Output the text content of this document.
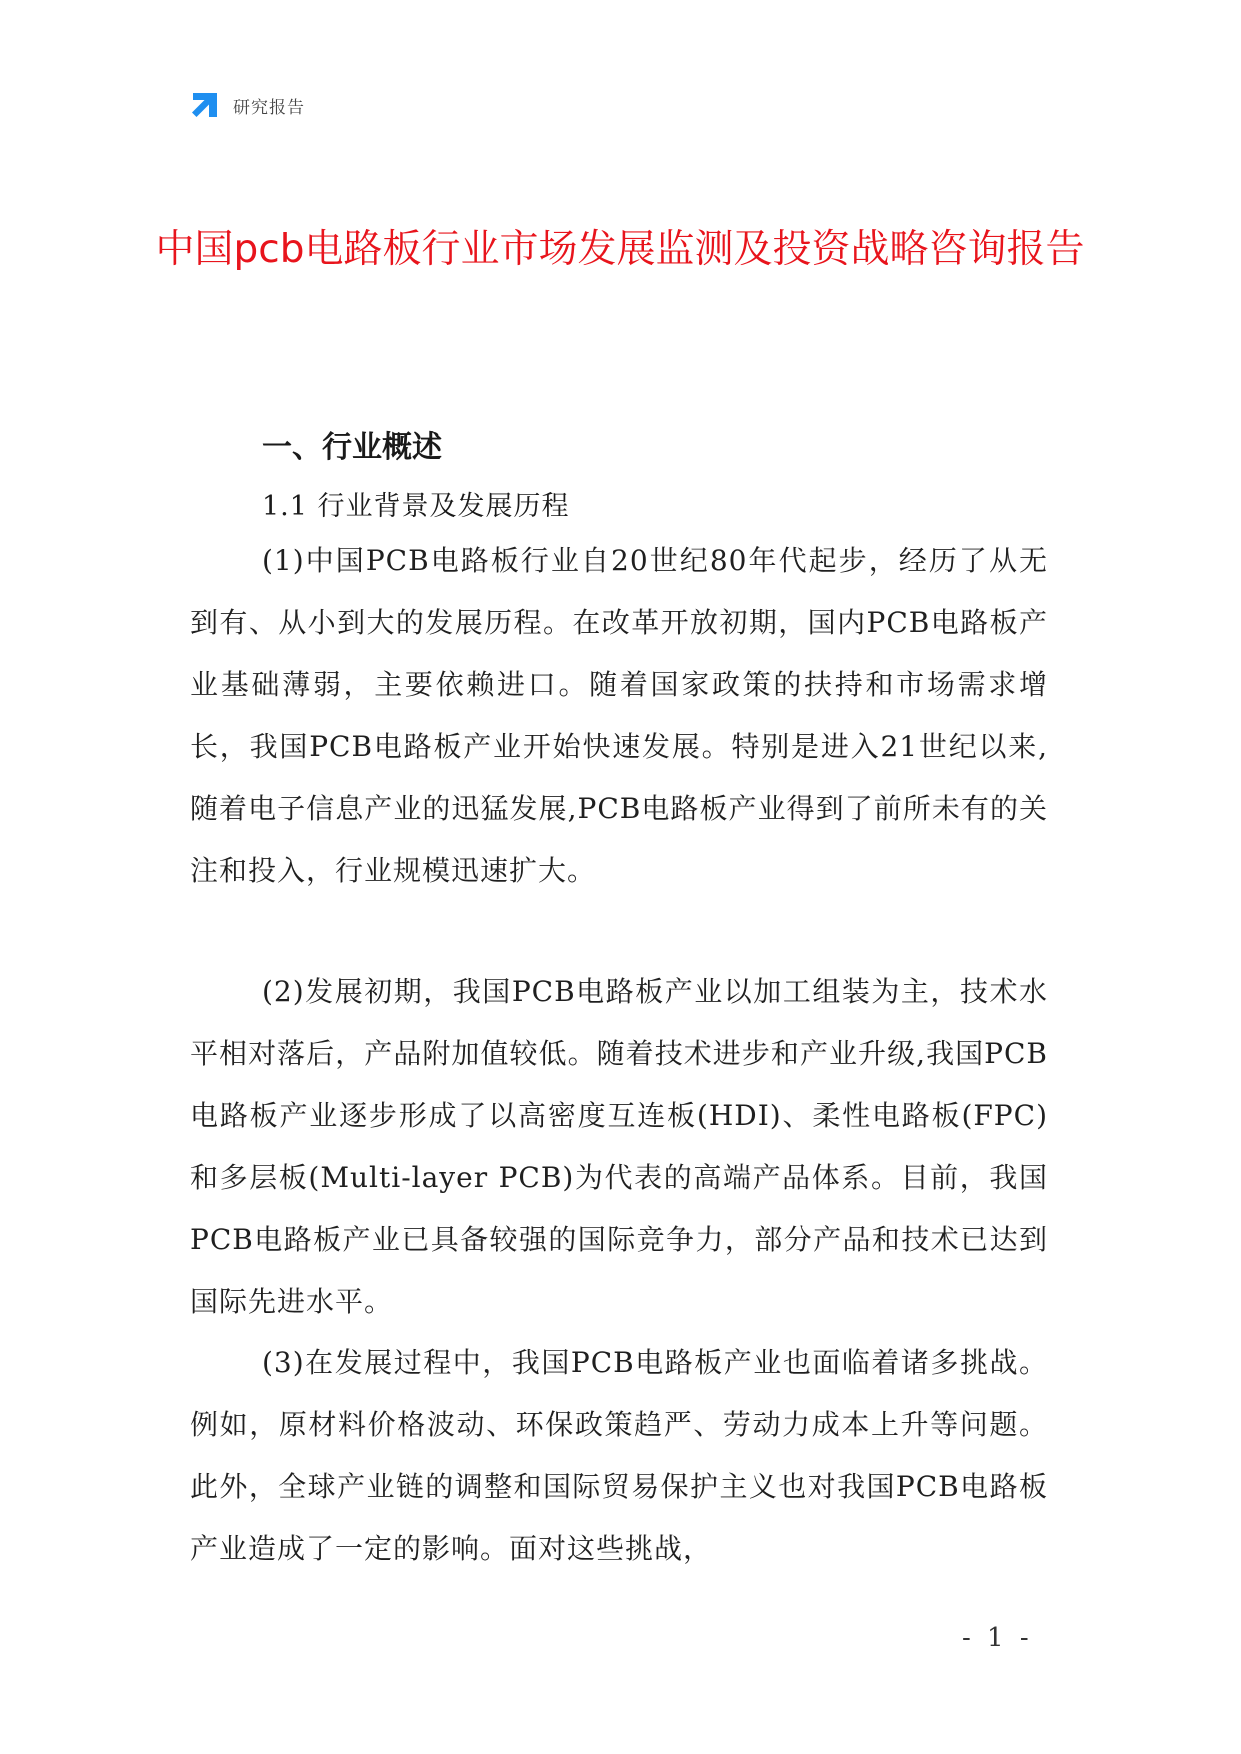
研究报告
中国pcb电路板行业市场发展监测及投资战略咨询报告
一、行业概述
1.1 行业背景及发展历程

(1)中国PCB电路板行业自20世纪80年代起步，经历了从无到有、从小到大的发展历程。在改革开放初期，国内PCB电路板产业基础薄弱，主要依赖进口。随着国家政策的扶持和市场需求增长，我国PCB电路板产业开始快速发展。特别是进入21世纪以来,随着电子信息产业的迅猛发展,PCB电路板产业得到了前所未有的关注和投入，行业规模迅速扩大。

(2)发展初期，我国PCB电路板产业以加工组装为主，技术水平相对落后，产品附加值较低。随着技术进步和产业升级,我国PCB电路板产业逐步形成了以高密度互连板(HDI)、柔性电路板(FPC)和多层板(Multi-layer PCB)为代表的高端产品体系。目前，我国PCB电路板产业已具备较强的国际竞争力，部分产品和技术已达到国际先进水平。

(3)在发展过程中，我国PCB电路板产业也面临着诸多挑战。例如，原材料价格波动、环保政策趋严、劳动力成本上升等问题。此外，全球产业链的调整和国际贸易保护主义也对我国PCB电路板产业造成了一定的影响。面对这些挑战，

- 1 -
